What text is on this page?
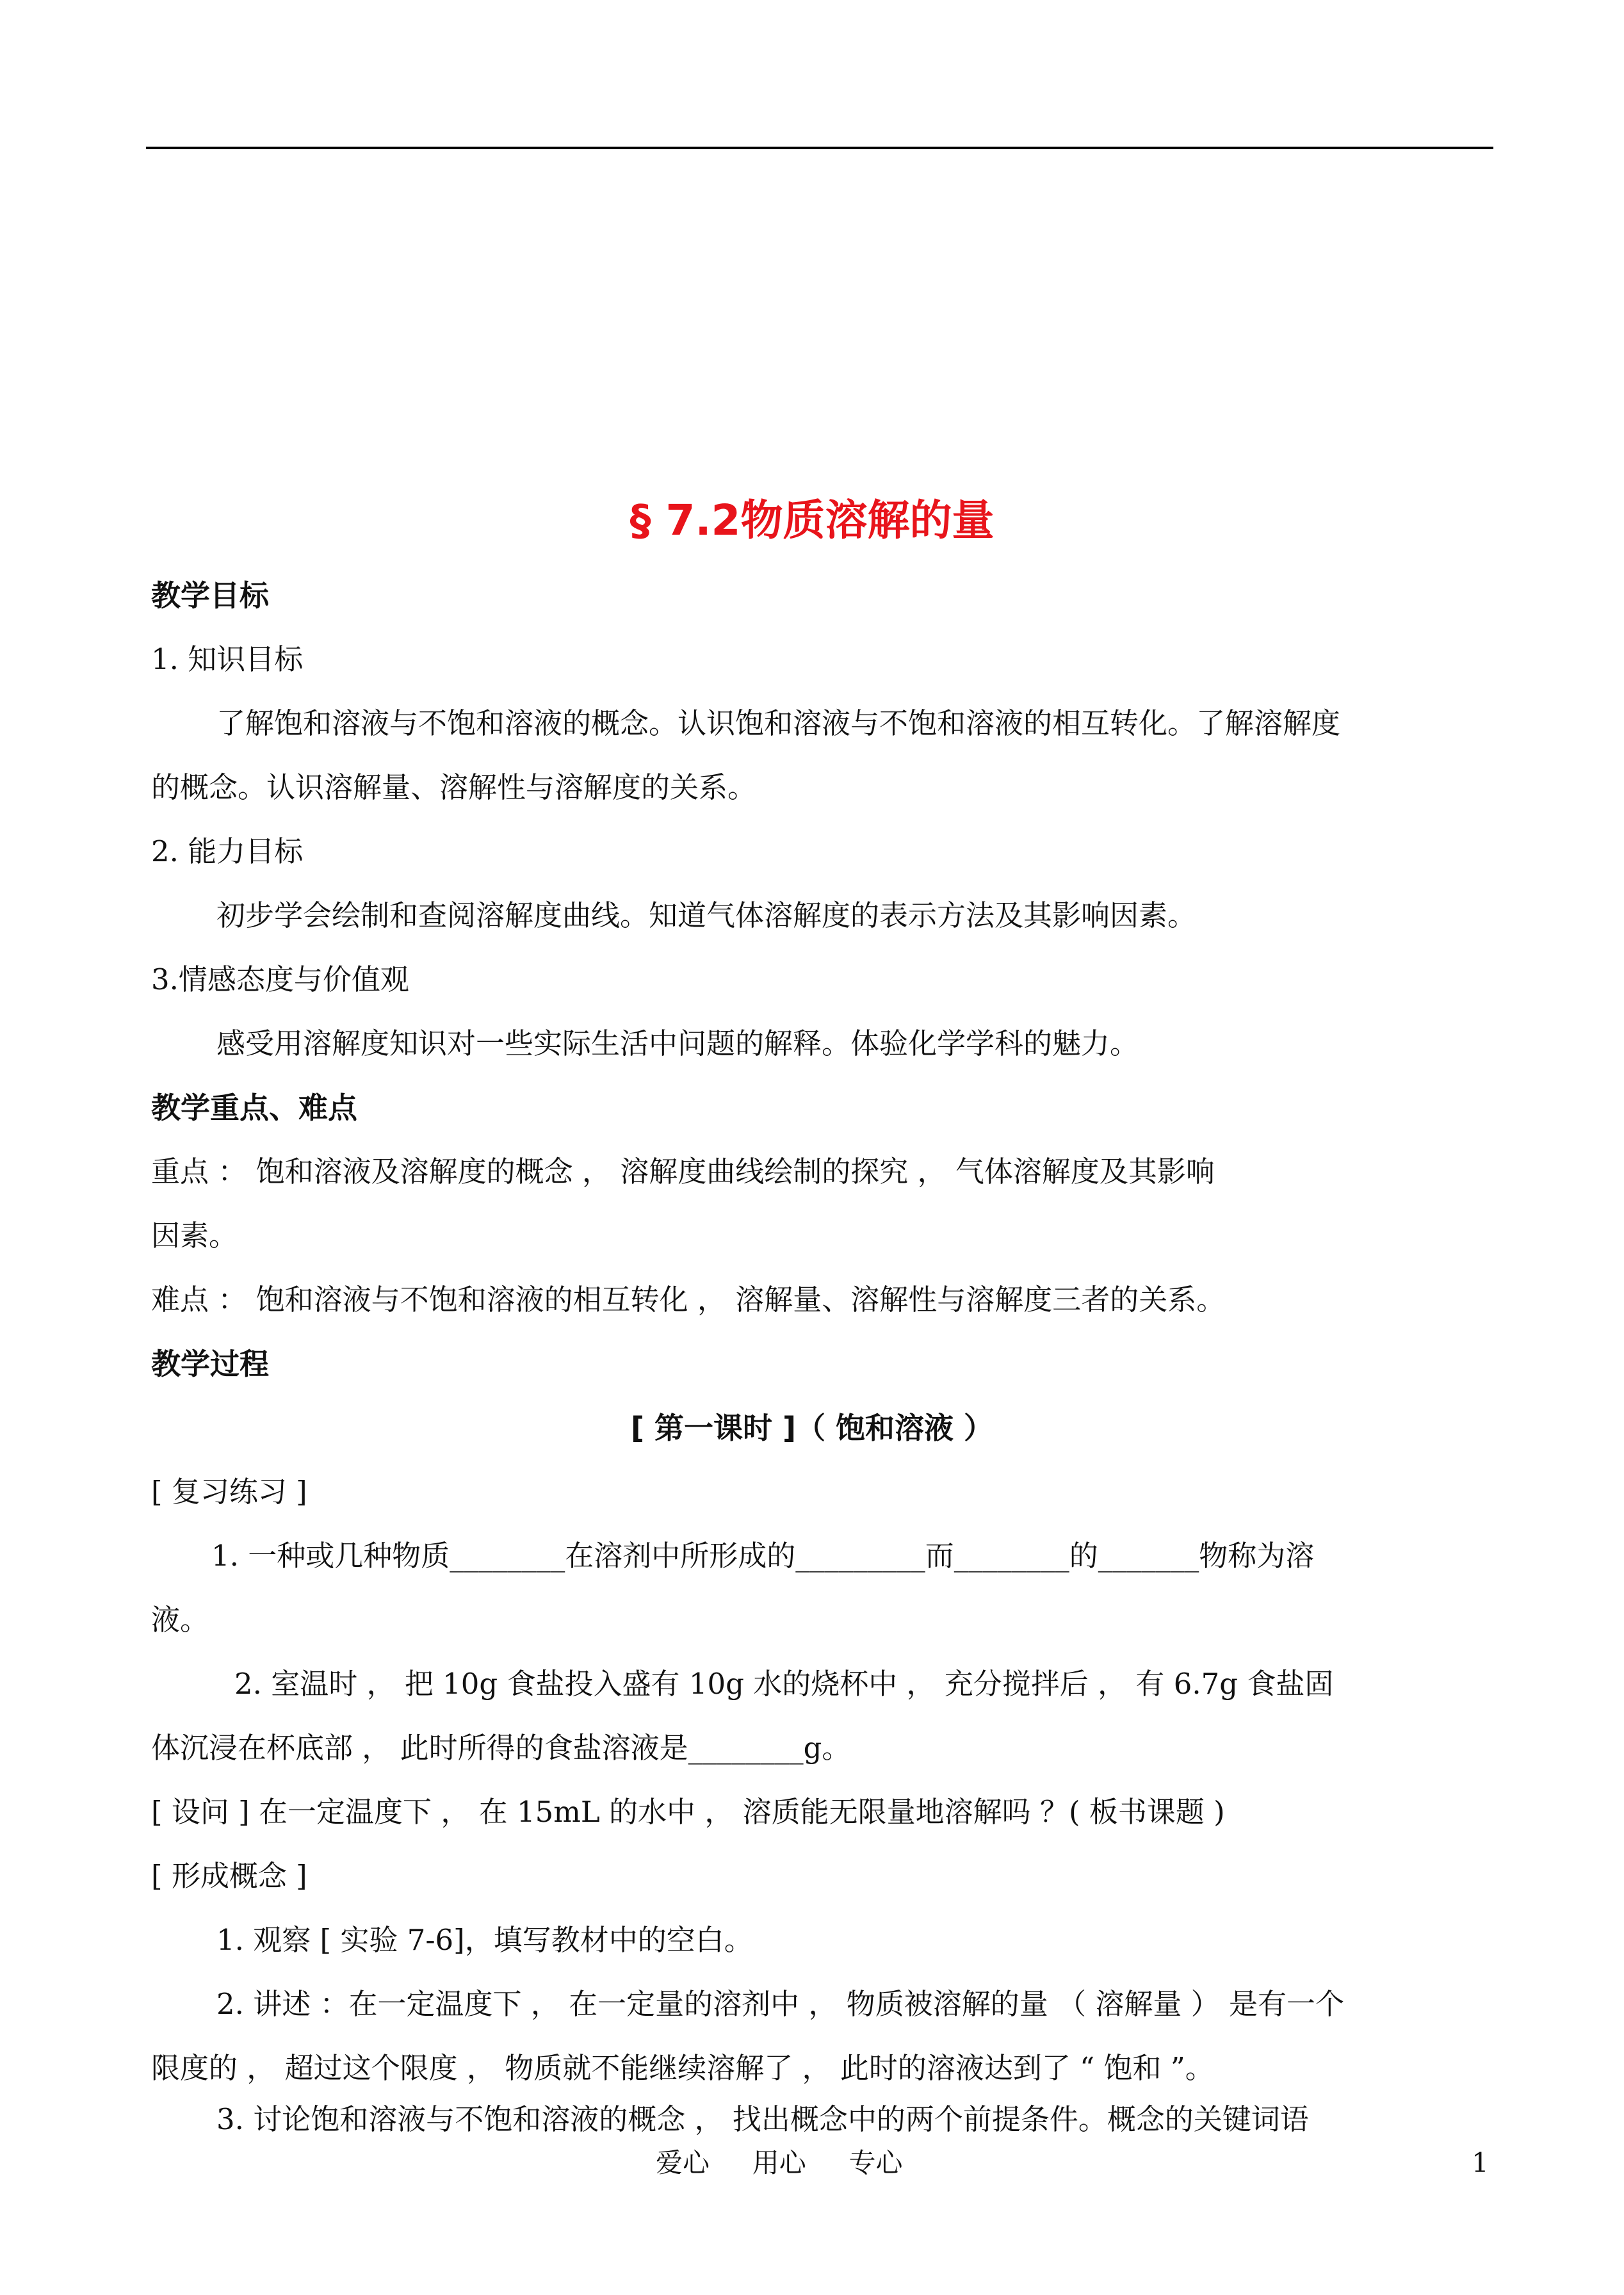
§ 7.2物质溶解的量
教学目标
1. 知识目标
了解饱和溶液与不饱和溶液的概念。认识饱和溶液与不饱和溶液的相互转化。了解溶解度
的概念。认识溶解量、溶解性与溶解度的关系。
2. 能力目标
初步学会绘制和查阅溶解度曲线。知道气体溶解度的表示方法及其影响因素。
3.情感态度与价值观
感受用溶解度知识对一些实际生活中问题的解释。体验化学学科的魅力。
教学重点、难点
重点 ： 饱和溶液及溶解度的概念 ， 溶解度曲线绘制的探究 ， 气体溶解度及其影响
因素。
难点 ： 饱和溶液与不饱和溶液的相互转化 ， 溶解量、溶解性与溶解度三者的关系。
教学过程
[ 第一课时 ]（ 饱和溶液 ）
[ 复习练习 ]
1. 一种或几种物质________在溶剂中所形成的_________而________的_______物称为溶
液。
2. 室温时 ， 把 10g 食盐投入盛有 10g 水的烧杯中 ， 充分搅拌后 ， 有 6.7g 食盐固
体沉浸在杯底部 ， 此时所得的食盐溶液是________g。
[ 设问 ] 在一定温度下 ， 在 15mL 的水中 ， 溶质能无限量地溶解吗 ？( 板书课题 )
[ 形成概念 ]
1. 观察 [ 实验 7-6]，填写教材中的空白。
2. 讲述 ：在一定温度下 ， 在一定量的溶剂中 ， 物质被溶解的量 （ 溶解量 ） 是有一个
限度的 ， 超过这个限度 ， 物质就不能继续溶解了 ， 此时的溶液达到了 “ 饱和 ”。
3. 讨论饱和溶液与不饱和溶液的概念 ， 找出概念中的两个前提条件。概念的关键词语
爱心     用心     专心	1
